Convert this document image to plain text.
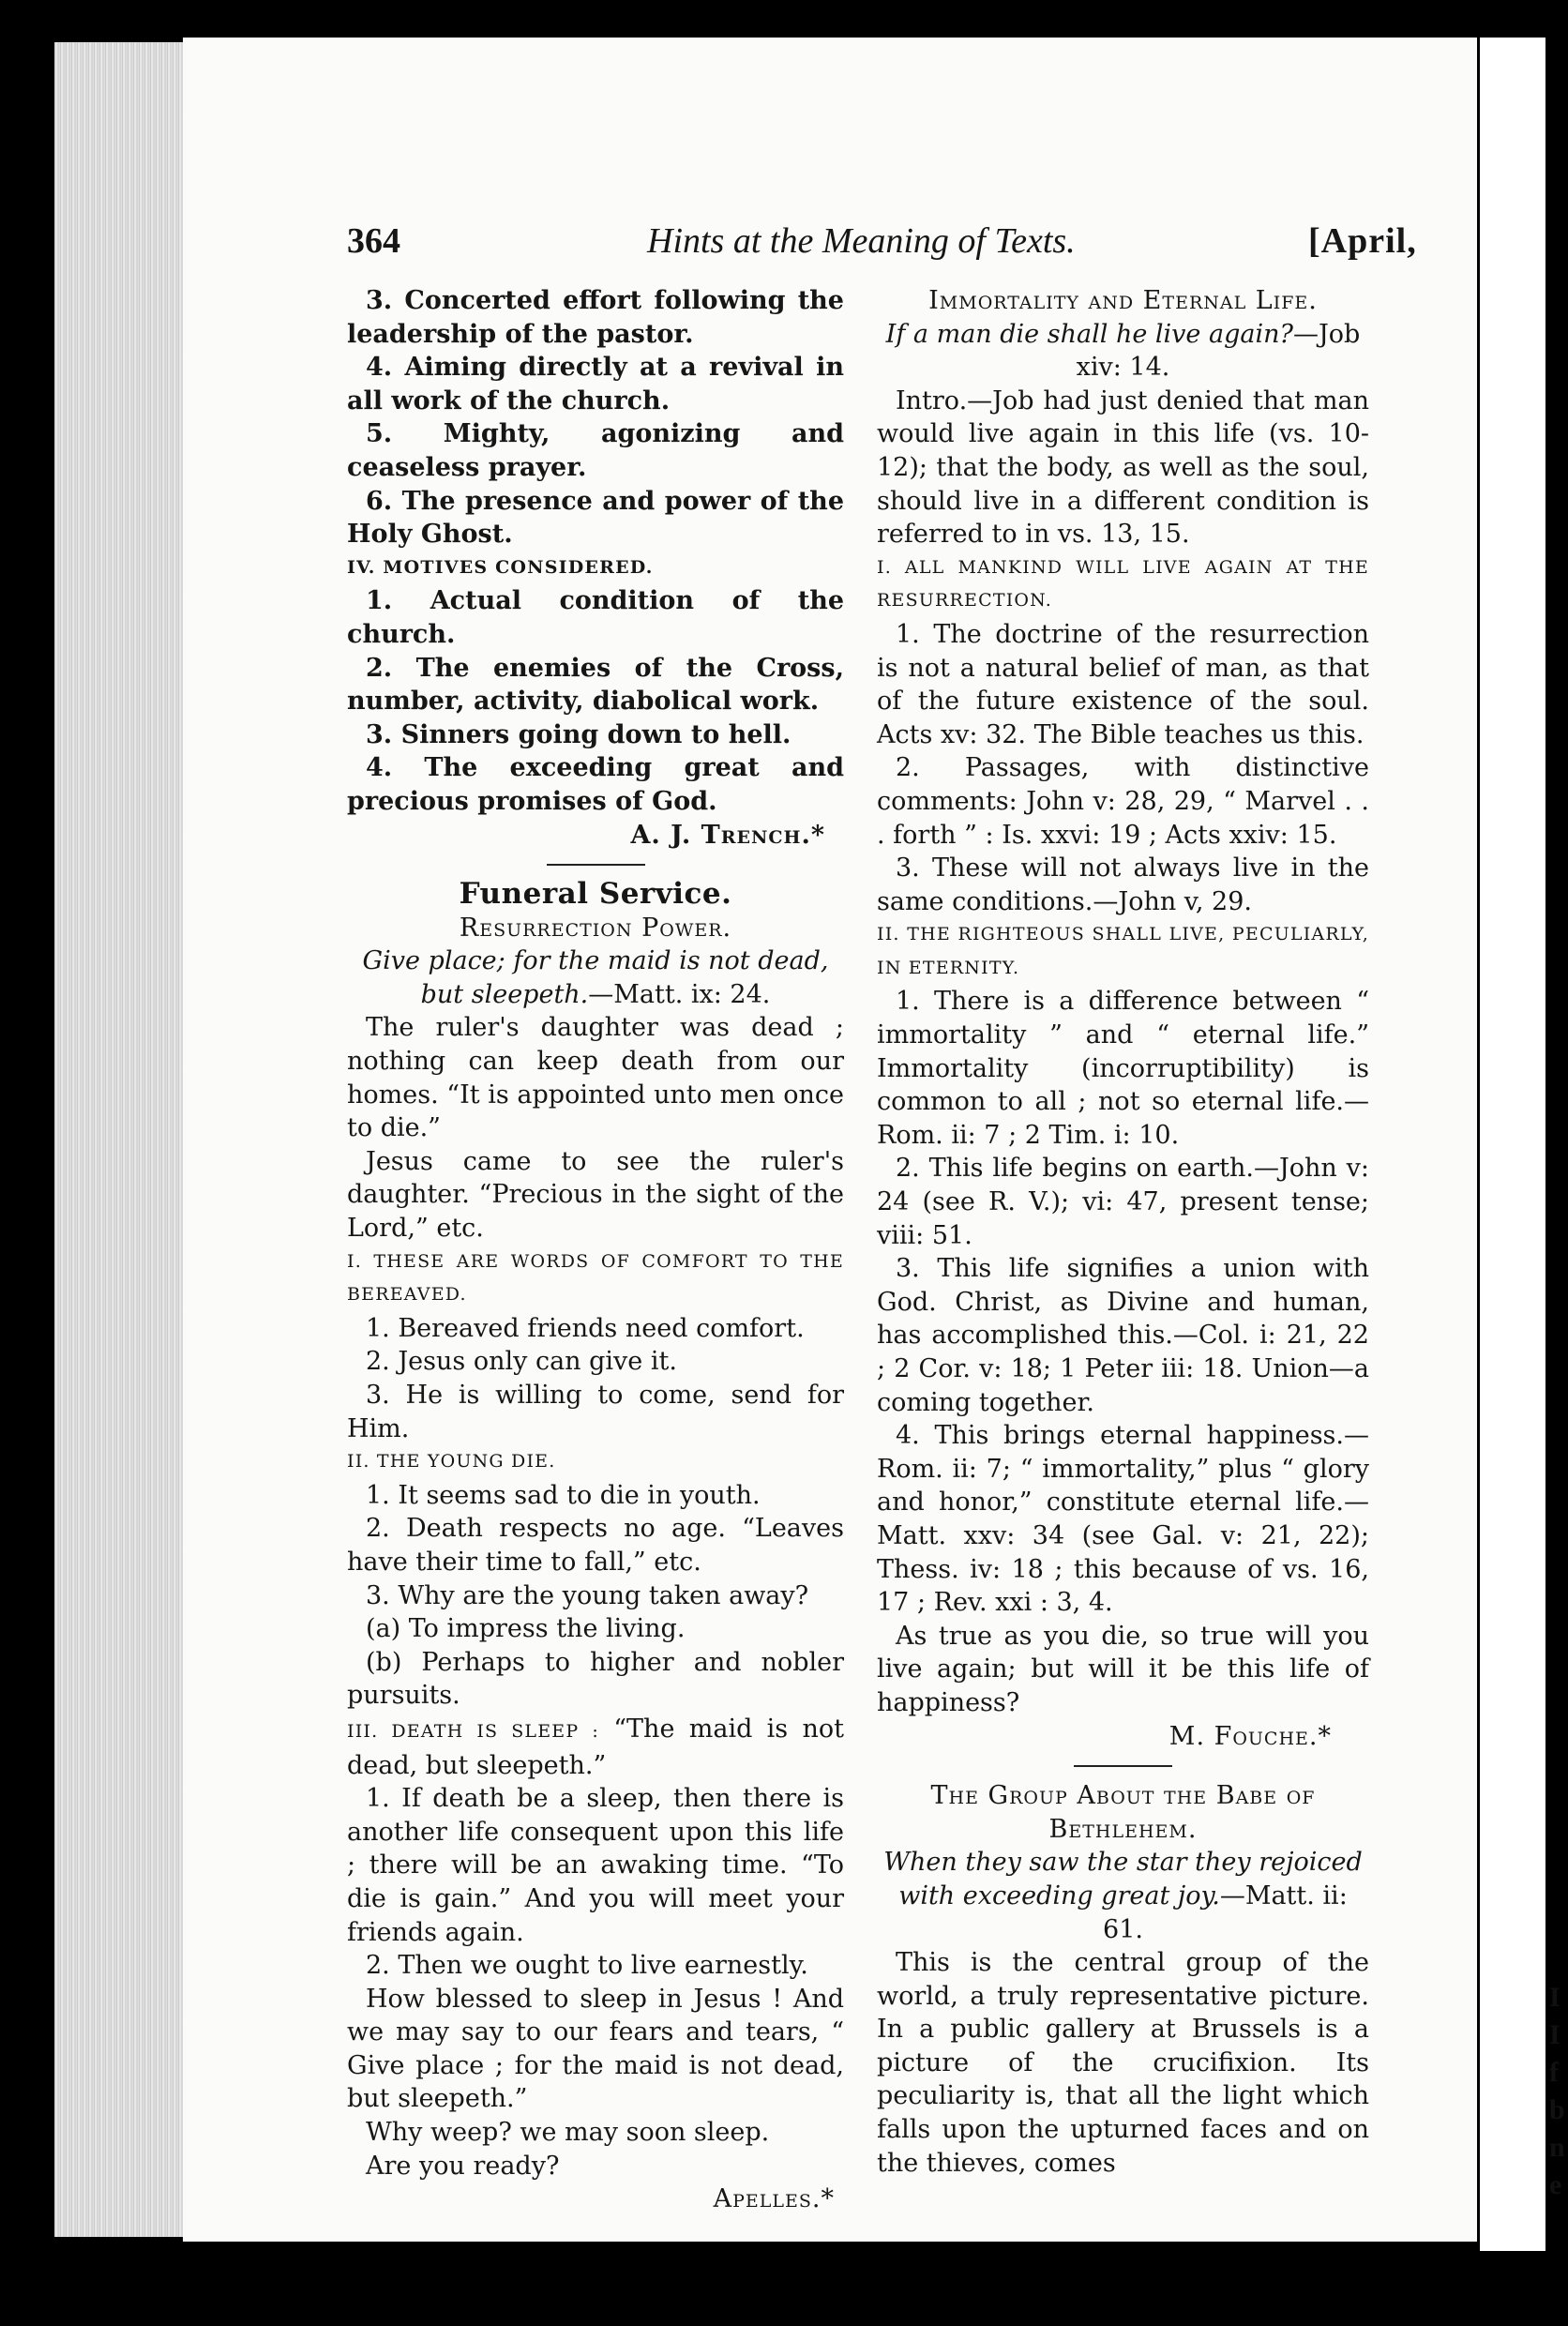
364	Hints at the Meaning of Texts.	[April,

3. Concerted effort following the leadership of the pastor.

4. Aiming directly at a revival in all work of the church.

5. Mighty, agonizing and ceaseless prayer.

6. The presence and power of the Holy Ghost.

IV. MOTIVES CONSIDERED.

1. Actual condition of the church.

2. The enemies of the Cross, number, activity, diabolical work.

3. Sinners going down to hell.

4. The exceeding great and precious promises of God.

A. J. Trench.*

Funeral Service.

Resurrection Power.

Give place; for the maid is not dead, but sleepeth.—Matt. ix: 24.

The ruler's daughter was dead ; nothing can keep death from our homes. “It is appointed unto men once to die.”

Jesus came to see the ruler's daughter. “Precious in the sight of the Lord,” etc.

I. THESE ARE WORDS OF COMFORT TO THE BEREAVED.

1. Bereaved friends need comfort.

2. Jesus only can give it.

3. He is willing to come, send for Him.

II. THE YOUNG DIE.

1. It seems sad to die in youth.

2. Death respects no age. “Leaves have their time to fall,” etc.

3. Why are the young taken away?

(a) To impress the living.

(b) Perhaps to higher and nobler pursuits.

III. DEATH IS SLEEP : “The maid is not dead, but sleepeth.”

1. If death be a sleep, then there is another life consequent upon this life ; there will be an awaking time. “To die is gain.” And you will meet your friends again.

2. Then we ought to live earnestly.

How blessed to sleep in Jesus ! And we may say to our fears and tears, “ Give place ; for the maid is not dead, but sleepeth.”

Why weep? we may soon sleep.

Are you ready?

Apelles.*

Immortality and Eternal Life.

If a man die shall he live again?—Job xiv: 14.

Intro.—Job had just denied that man would live again in this life (vs. 10-12); that the body, as well as the soul, should live in a different condition is referred to in vs. 13, 15.

I. ALL MANKIND WILL LIVE AGAIN AT THE RESURRECTION.

1. The doctrine of the resurrection is not a natural belief of man, as that of the future existence of the soul. Acts xv: 32. The Bible teaches us this.

2. Passages, with distinctive comments: John v: 28, 29, “ Marvel . . . forth ” : Is. xxvi: 19 ; Acts xxiv: 15.

3. These will not always live in the same conditions.—John v, 29.

II. THE RIGHTEOUS SHALL LIVE, PECULIARLY, IN ETERNITY.

1. There is a difference between “ immortality ” and “ eternal life.” Immortality (incorruptibility) is common to all ; not so eternal life.—Rom. ii: 7 ; 2 Tim. i: 10.

2. This life begins on earth.—John v: 24 (see R. V.); vi: 47, present tense; viii: 51.

3. This life signifies a union with God. Christ, as Divine and human, has accomplished this.—Col. i: 21, 22 ; 2 Cor. v: 18; 1 Peter iii: 18. Union—a coming together.

4. This brings eternal happiness.—Rom. ii: 7; “ immortality,” plus “ glory and honor,” constitute eternal life.—Matt. xxv: 34 (see Gal. v: 21, 22); Thess. iv: 18 ; this because of vs. 16, 17 ; Rev. xxi : 3, 4.

As true as you die, so true will you live again; but will it be this life of happiness?

M. Fouche.*

The Group About the Babe of Bethlehem.

When they saw the star they rejoiced with exceeding great joy.—Matt. ii: 61.

This is the central group of the world, a truly representative picture. In a public gallery at Brussels is a picture of the crucifixion. Its peculiarity is, that all the light which falls upon the upturned faces and on the thieves, comes

I
I
f
b
n
e
